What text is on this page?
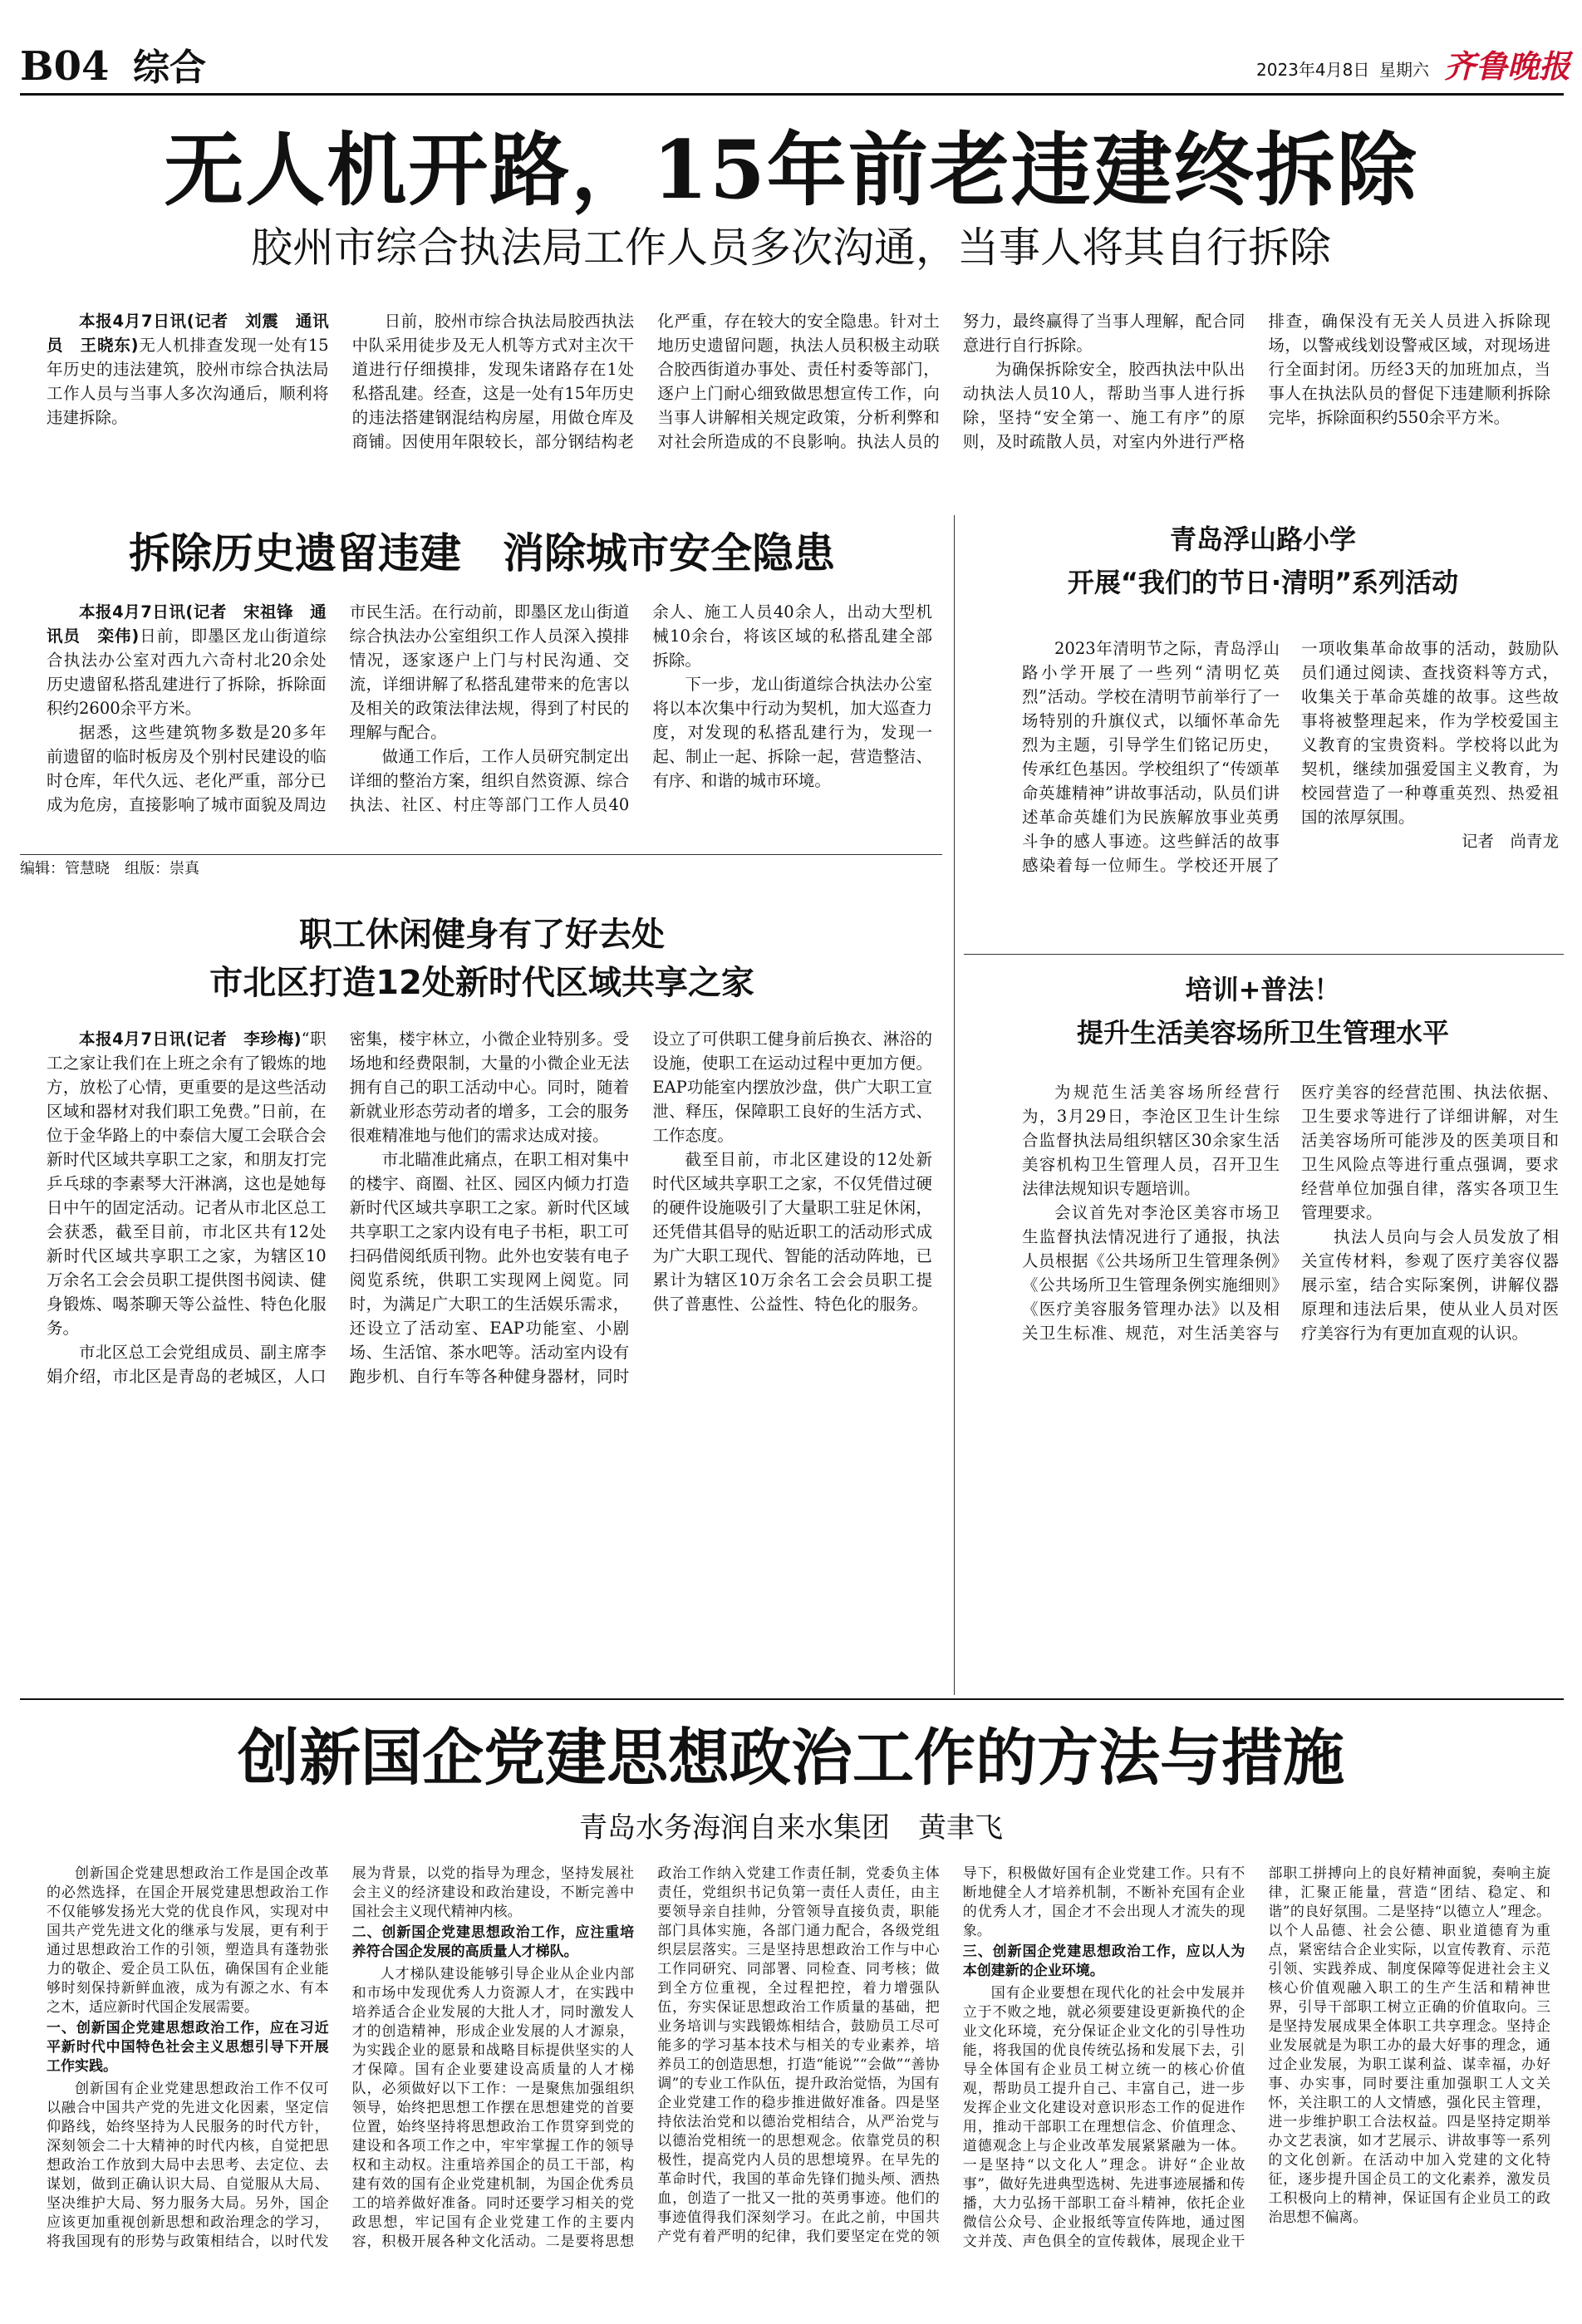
B04 综合	2023年4月8日 星期六 齐鲁晚报
无人机开路，15年前老违建终拆除
胶州市综合执法局工作人员多次沟通，当事人将其自行拆除

本报4月7日讯(记者　刘震　通讯员　王晓东)无人机排查发现一处有15年历史的违法建筑，胶州市综合执法局工作人员与当事人多次沟通后，顺利将违建拆除。

日前，胶州市综合执法局胶西执法中队采用徒步及无人机等方式对主次干道进行仔细摸排，发现朱诸路存在1处私搭乱建。经查，这是一处有15年历史的违法搭建钢混结构房屋，用做仓库及商铺。因使用年限较长，部分钢结构老化严重，存在较大的安全隐患。针对土地历史遗留问题，执法人员积极主动联合胶西街道办事处、责任村委等部门，逐户上门耐心细致做思想宣传工作，向当事人讲解相关规定政策，分析利弊和对社会所造成的不良影响。执法人员的努力，最终赢得了当事人理解，配合同意进行自行拆除。

为确保拆除安全，胶西执法中队出动执法人员10人，帮助当事人进行拆除，坚持“安全第一、施工有序”的原则，及时疏散人员，对室内外进行严格排查，确保没有无关人员进入拆除现场，以警戒线划设警戒区域，对现场进行全面封闭。历经3天的加班加点，当事人在执法队员的督促下违建顺利拆除完毕，拆除面积约550余平方米。

拆除历史遗留违建　消除城市安全隐患

本报4月7日讯(记者　宋祖锋　通讯员　栾伟)日前，即墨区龙山街道综合执法办公室对西九六奇村北20余处历史遗留私搭乱建进行了拆除，拆除面积约2600余平方米。

据悉，这些建筑物多数是20多年前遗留的临时板房及个别村民建设的临时仓库，年代久远、老化严重，部分已成为危房，直接影响了城市面貌及周边市民生活。在行动前，即墨区龙山街道综合执法办公室组织工作人员深入摸排情况，逐家逐户上门与村民沟通、交流，详细讲解了私搭乱建带来的危害以及相关的政策法律法规，得到了村民的理解与配合。

做通工作后，工作人员研究制定出详细的整治方案，组织自然资源、综合执法、社区、村庄等部门工作人员40余人、施工人员40余人，出动大型机械10余台，将该区域的私搭乱建全部拆除。

下一步，龙山街道综合执法办公室将以本次集中行动为契机，加大巡查力度，对发现的私搭乱建行为，发现一起、制止一起、拆除一起，营造整洁、有序、和谐的城市环境。

编辑：管慧晓　组版：崇真
青岛浮山路小学
开展“我们的节日·清明”系列活动

2023年清明节之际，青岛浮山路小学开展了一些列“清明忆英烈”活动。学校在清明节前举行了一场特别的升旗仪式，以缅怀革命先烈为主题，引导学生们铭记历史，传承红色基因。学校组织了“传颂革命英雄精神”讲故事活动，队员们讲述革命英雄们为民族解放事业英勇斗争的感人事迹。这些鲜活的故事感染着每一位师生。学校还开展了一项收集革命故事的活动，鼓励队员们通过阅读、查找资料等方式，收集关于革命英雄的故事。这些故事将被整理起来，作为学校爱国主义教育的宝贵资料。学校将以此为契机，继续加强爱国主义教育，为校园营造了一种尊重英烈、热爱祖国的浓厚氛围。

记者　尚青龙

职工休闲健身有了好去处
市北区打造12处新时代区域共享之家

本报4月7日讯(记者　李珍梅)“职工之家让我们在上班之余有了锻炼的地方，放松了心情，更重要的是这些活动区域和器材对我们职工免费。”日前，在位于金华路上的中泰信大厦工会联合会新时代区域共享职工之家，和朋友打完乒乓球的李素琴大汗淋漓，这也是她每日中午的固定活动。记者从市北区总工会获悉，截至目前，市北区共有12处新时代区域共享职工之家，为辖区10万余名工会会员职工提供图书阅读、健身锻炼、喝茶聊天等公益性、特色化服务。

市北区总工会党组成员、副主席李娟介绍，市北区是青岛的老城区，人口密集，楼宇林立，小微企业特别多。受场地和经费限制，大量的小微企业无法拥有自己的职工活动中心。同时，随着新就业形态劳动者的增多，工会的服务很难精准地与他们的需求达成对接。

市北瞄准此痛点，在职工相对集中的楼宇、商圈、社区、园区内倾力打造新时代区域共享职工之家。新时代区域共享职工之家内设有电子书柜，职工可扫码借阅纸质刊物。此外也安装有电子阅览系统，供职工实现网上阅览。同时，为满足广大职工的生活娱乐需求，还设立了活动室、EAP功能室、小剧场、生活馆、茶水吧等。活动室内设有跑步机、自行车等各种健身器材，同时设立了可供职工健身前后换衣、淋浴的设施，使职工在运动过程中更加方便。EAP功能室内摆放沙盘，供广大职工宣泄、释压，保障职工良好的生活方式、工作态度。

截至目前，市北区建设的12处新时代区域共享职工之家，不仅凭借过硬的硬件设施吸引了大量职工驻足休闲，还凭借其倡导的贴近职工的活动形式成为广大职工现代、智能的活动阵地，已累计为辖区10万余名工会会员职工提供了普惠性、公益性、特色化的服务。

培训+普法！
提升生活美容场所卫生管理水平

为规范生活美容场所经营行为，3月29日，李沧区卫生计生综合监督执法局组织辖区30余家生活美容机构卫生管理人员，召开卫生法律法规知识专题培训。

会议首先对李沧区美容市场卫生监督执法情况进行了通报，执法人员根据《公共场所卫生管理条例》《公共场所卫生管理条例实施细则》《医疗美容服务管理办法》以及相关卫生标准、规范，对生活美容与医疗美容的经营范围、执法依据、卫生要求等进行了详细讲解，对生活美容场所可能涉及的医美项目和卫生风险点等进行重点强调，要求经营单位加强自律，落实各项卫生管理要求。

执法人员向与会人员发放了相关宣传材料，参观了医疗美容仪器展示室，结合实际案例，讲解仪器原理和违法后果，使从业人员对医疗美容行为有更加直观的认识。

创新国企党建思想政治工作的方法与措施
青岛水务海润自来水集团　黄聿飞

创新国企党建思想政治工作是国企改革的必然选择，在国企开展党建思想政治工作不仅能够发扬光大党的优良作风，实现对中国共产党先进文化的继承与发展，更有利于通过思想政治工作的引领，塑造具有蓬勃张力的敬企、爱企员工队伍，确保国有企业能够时刻保持新鲜血液，成为有源之水、有本之木，适应新时代国企发展需要。

一、创新国企党建思想政治工作，应在习近平新时代中国特色社会主义思想引导下开展工作实践。

创新国有企业党建思想政治工作不仅可以融合中国共产党的先进文化因素，坚定信仰路线，始终坚持为人民服务的时代方针，深刻领会二十大精神的时代内核，自觉把思想政治工作放到大局中去思考、去定位、去谋划，做到正确认识大局、自觉服从大局、坚决维护大局、努力服务大局。另外，国企应该更加重视创新思想和政治理念的学习，将我国现有的形势与政策相结合，以时代发展为背景，以党的指导为理念，坚持发展社会主义的经济建设和政治建设，不断完善中国社会主义现代精神内核。

二、创新国企党建思想政治工作，应注重培养符合国企发展的高质量人才梯队。

人才梯队建设能够引导企业从企业内部和市场中发现优秀人力资源人才，在实践中培养适合企业发展的大批人才，同时激发人才的创造精神，形成企业发展的人才源泉，为实践企业的愿景和战略目标提供坚实的人才保障。国有企业要建设高质量的人才梯队，必须做好以下工作：一是聚焦加强组织领导，始终把思想工作摆在思想建党的首要位置，始终坚持将思想政治工作贯穿到党的建设和各项工作之中，牢牢掌握工作的领导权和主动权。注重培养国企的员工干部，构建有效的国有企业党建机制，为国企优秀员工的培养做好准备。同时还要学习相关的党政思想，牢记国有企业党建工作的主要内容，积极开展各种文化活动。二是要将思想政治工作纳入党建工作责任制，党委负主体责任，党组织书记负第一责任人责任，由主要领导亲自挂帅，分管领导直接负责，职能部门具体实施，各部门通力配合，各级党组织层层落实。三是坚持思想政治工作与中心工作同研究、同部署、同检查、同考核；做到全方位重视，全过程把控，着力增强队伍，夯实保证思想政治工作质量的基础，把业务培训与实践锻炼相结合，鼓励员工尽可能多的学习基本技术与相关的专业素养，培养员工的创造思想，打造“能说”“会做”“善协调”的专业工作队伍，提升政治觉悟，为国有企业党建工作的稳步推进做好准备。四是坚持依法治党和以德治党相结合，从严治党与以德治党相统一的思想观念。依靠党员的积极性，提高党内人员的思想境界。在早先的革命时代，我国的革命先锋们抛头颅、洒热血，创造了一批又一批的英勇事迹。他们的事迹值得我们深刻学习。在此之前，中国共产党有着严明的纪律，我们要坚定在党的领导下，积极做好国有企业党建工作。只有不断地健全人才培养机制，不断补充国有企业的优秀人才，国企才不会出现人才流失的现象。

三、创新国企党建思想政治工作，应以人为本创建新的企业环境。

国有企业要想在现代化的社会中发展并立于不败之地，就必须要建设更新换代的企业文化环境，充分保证企业文化的引导性功能，将我国的优良传统弘扬和发展下去，引导全体国有企业员工树立统一的核心价值观，帮助员工提升自己、丰富自己，进一步发挥企业文化建设对意识形态工作的促进作用，推动干部职工在理想信念、价值理念、道德观念上与企业改革发展紧紧融为一体。一是坚持“以文化人”理念。讲好“企业故事”，做好先进典型选树、先进事迹展播和传播，大力弘扬干部职工奋斗精神，依托企业微信公众号、企业报纸等宣传阵地，通过图文并茂、声色俱全的宣传载体，展现企业干部职工拼搏向上的良好精神面貌，奏响主旋律，汇聚正能量，营造“团结、稳定、和谐”的良好氛围。二是坚持“以德立人”理念。以个人品德、社会公德、职业道德育为重点，紧密结合企业实际，以宣传教育、示范引领、实践养成、制度保障等促进社会主义核心价值观融入职工的生产生活和精神世界，引导干部职工树立正确的价值取向。三是坚持发展成果全体职工共享理念。坚持企业发展就是为职工办的最大好事的理念，通过企业发展，为职工谋利益、谋幸福，办好事、办实事，同时要注重加强职工人文关怀，关注职工的人文情感，强化民主管理，进一步维护职工合法权益。四是坚持定期举办文艺表演，如才艺展示、讲故事等一系列的文化创新。在活动中加入党建的文化特征，逐步提升国企员工的文化素养，激发员工积极向上的精神，保证国有企业员工的政治思想不偏离。
